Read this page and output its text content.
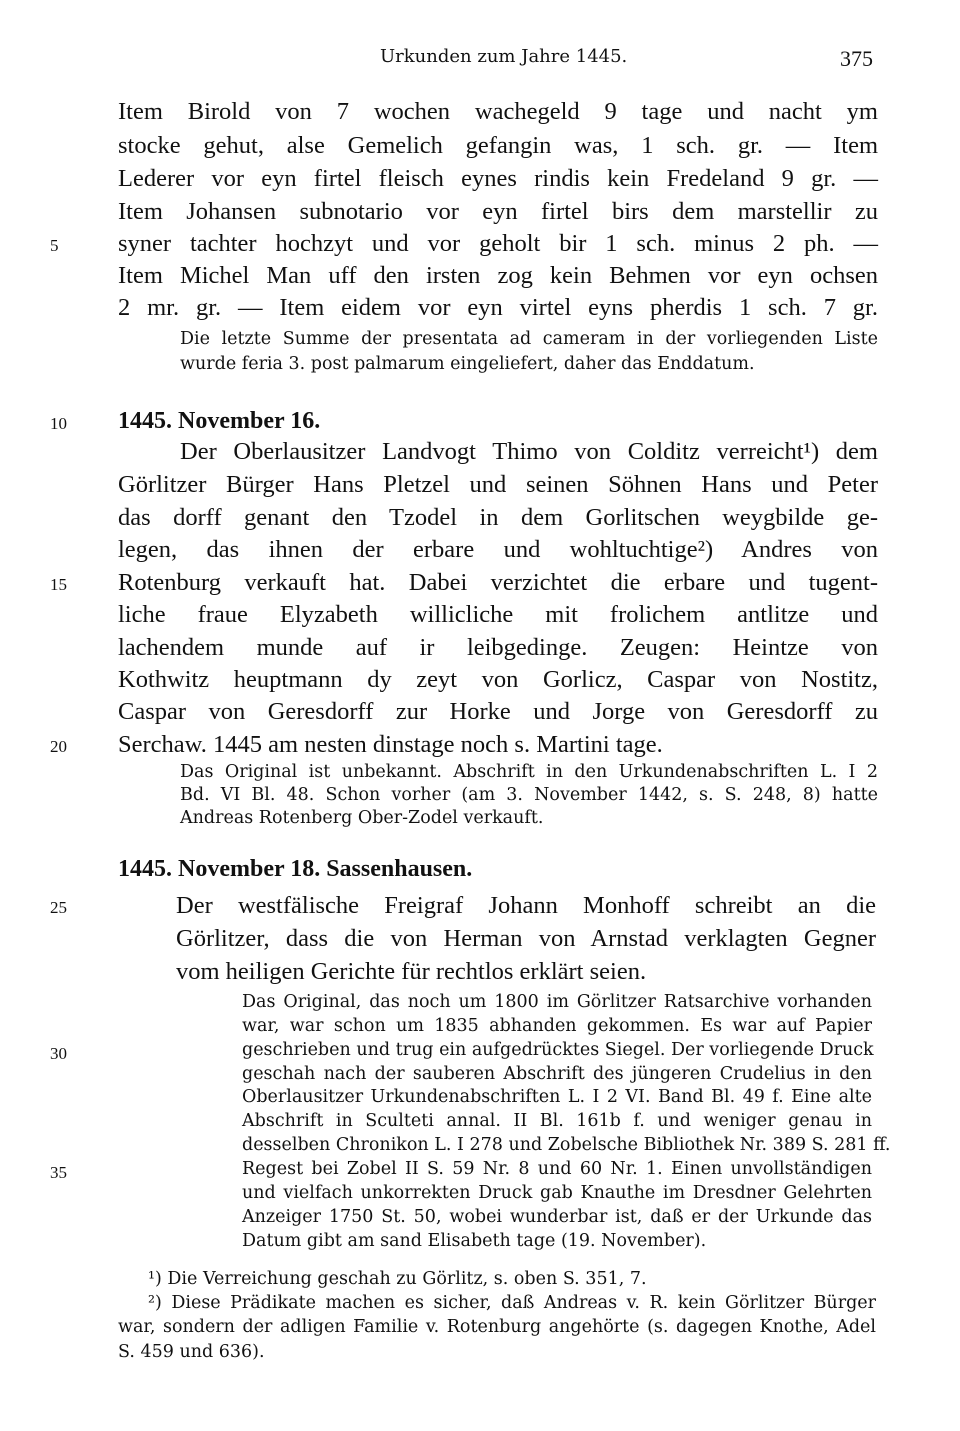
Urkunden zum Jahre 1445.	375
Item Birold von 7 wochen wachegeld 9 tage und nacht ym
stocke gehut, alse Gemelich gefangin was, 1 sch. gr. — Item
Lederer vor eyn firtel fleisch eynes rindis kein Fredeland 9 gr. —
Item Johansen subnotario vor eyn firtel birs dem marstellir zu
syner tachter hochzyt und vor geholt bir 1 sch. minus 2 ph. —
5
Item Michel Man uff den irsten zog kein Behmen vor eyn ochsen
2 mr. gr. — Item eidem vor eyn virtel eyns pherdis 1 sch. 7 gr.
Die letzte Summe der presentata ad cameram in der vorliegenden Liste
wurde feria 3. post palmarum eingeliefert, daher das Enddatum.
1445. November 16.
10
Der Oberlausitzer Landvogt Thimo von Colditz verreicht¹) dem
Görlitzer Bürger Hans Pletzel und seinen Söhnen Hans und Peter
das dorff genant den Tzodel in dem Gorlitschen weygbilde ge-
legen, das ihnen der erbare und wohltuchtige²) Andres von
Rotenburg verkauft hat. Dabei verzichtet die erbare und tugent-
15
liche fraue Elyzabeth willicliche mit frolichem antlitze und
lachendem munde auf ir leibgedinge. Zeugen: Heintze von
Kothwitz heuptmann dy zeyt von Gorlicz, Caspar von Nostitz,
Caspar von Geresdorff zur Horke und Jorge von Geresdorff zu
Serchaw. 1445 am nesten dinstage noch s. Martini tage.
20
Das Original ist unbekannt. Abschrift in den Urkundenabschriften L. I 2
Bd. VI Bl. 48. Schon vorher (am 3. November 1442, s. S. 248, 8) hatte
Andreas Rotenberg Ober-Zodel verkauft.
1445. November 18. Sassenhausen.
Der westfälische Freigraf Johann Monhoff schreibt an die
25
Görlitzer, dass die von Herman von Arnstad verklagten Gegner
vom heiligen Gerichte für rechtlos erklärt seien.
Das Original, das noch um 1800 im Görlitzer Ratsarchive vorhanden
war, war schon um 1835 abhanden gekommen. Es war auf Papier
geschrieben und trug ein aufgedrücktes Siegel. Der vorliegende Druck
30
geschah nach der sauberen Abschrift des jüngeren Crudelius in den
Oberlausitzer Urkundenabschriften L. I 2 VI. Band Bl. 49 f. Eine alte
Abschrift in Sculteti annal. II Bl. 161b f. und weniger genau in
desselben Chronikon L. I 278 und Zobelsche Bibliothek Nr. 389 S. 281 ff.
Regest bei Zobel II S. 59 Nr. 8 und 60 Nr. 1. Einen unvollständigen
35
und vielfach unkorrekten Druck gab Knauthe im Dresdner Gelehrten
Anzeiger 1750 St. 50, wobei wunderbar ist, daß er der Urkunde das
Datum gibt am sand Elisabeth tage (19. November).
¹) Die Verreichung geschah zu Görlitz, s. oben S. 351, 7.
²) Diese Prädikate machen es sicher, daß Andreas v. R. kein Görlitzer Bürger
war, sondern der adligen Familie v. Rotenburg angehörte (s. dagegen Knothe, Adel
S. 459 und 636).
